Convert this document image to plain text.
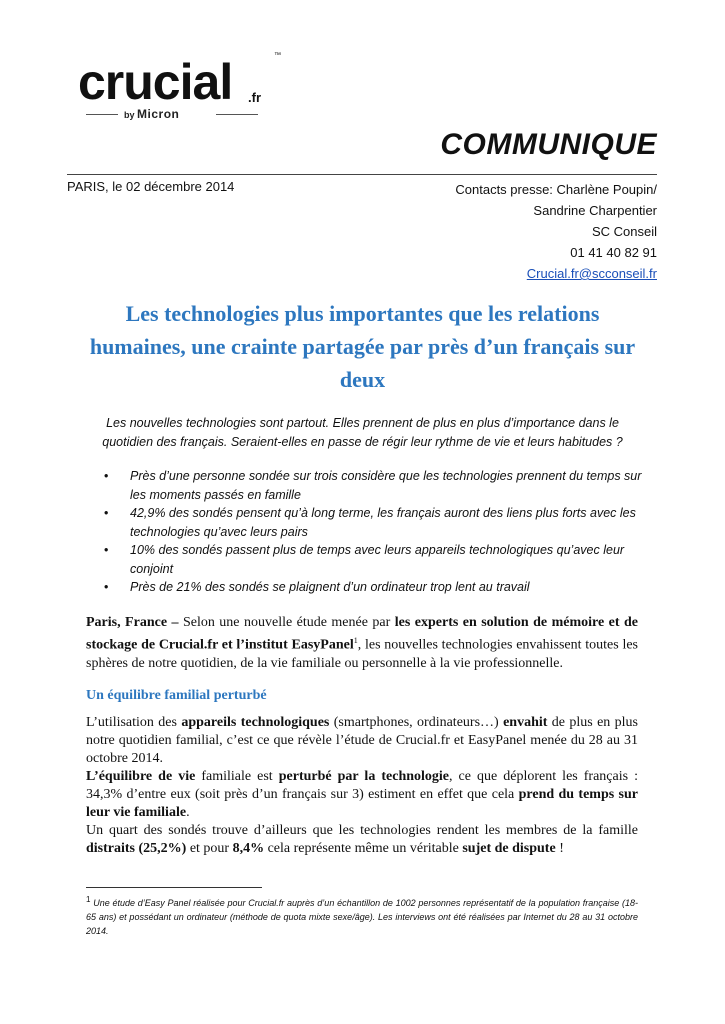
crucial	™
.fr
by Micron
COMMUNIQUE
PARIS, le 02 décembre 2014	Contacts presse: Charlène Poupin/
Sandrine Charpentier
SC Conseil
01 41 40 82 91
Crucial.fr@scconseil.fr
Les technologies plus importantes que les relations humaines, une crainte partagée par près d’un français sur deux
Les nouvelles technologies sont partout. Elles prennent de plus en plus d’importance dans le quotidien des français. Seraient-elles en passe de régir leur rythme de vie et leurs habitudes ?
• Près d’une personne sondée sur trois considère que les technologies prennent du temps sur les moments passés en famille
• 42,9% des sondés pensent qu’à long terme, les français auront des liens plus forts avec les technologies qu’avec leurs pairs
• 10% des sondés passent plus de temps avec leurs appareils technologiques qu’avec leur conjoint
• Près de 21% des sondés se plaignent d’un ordinateur trop lent au travail
Paris, France – Selon une nouvelle étude menée par les experts en solution de mémoire et de stockage de Crucial.fr et l’institut EasyPanel$^1$, les nouvelles technologies envahissent toutes les sphères de notre quotidien, de la vie familiale ou personnelle à la vie professionnelle.
Un équilibre familial perturbé
L’utilisation des appareils technologiques (smartphones, ordinateurs…) envahit de plus en plus notre quotidien familial, c’est ce que révèle l’étude de Crucial.fr et EasyPanel menée du 28 au 31 octobre 2014.
L’équilibre de vie familiale est perturbé par la technologie, ce que déplorent les français : 34,3% d’entre eux (soit près d’un français sur 3) estiment en effet que cela prend du temps sur leur vie familiale.
Un quart des sondés trouve d’ailleurs que les technologies rendent les membres de la famille distraits (25,2%) et pour 8,4% cela représente même un véritable sujet de dispute !
$^1$ Une étude d’Easy Panel réalisée pour Crucial.fr auprès d’un échantillon de 1002 personnes représentatif de la population française (18-65 ans) et possédant un ordinateur (méthode de quota mixte sexe/âge). Les interviews ont été réalisées par Internet du 28 au 31 octobre 2014.
